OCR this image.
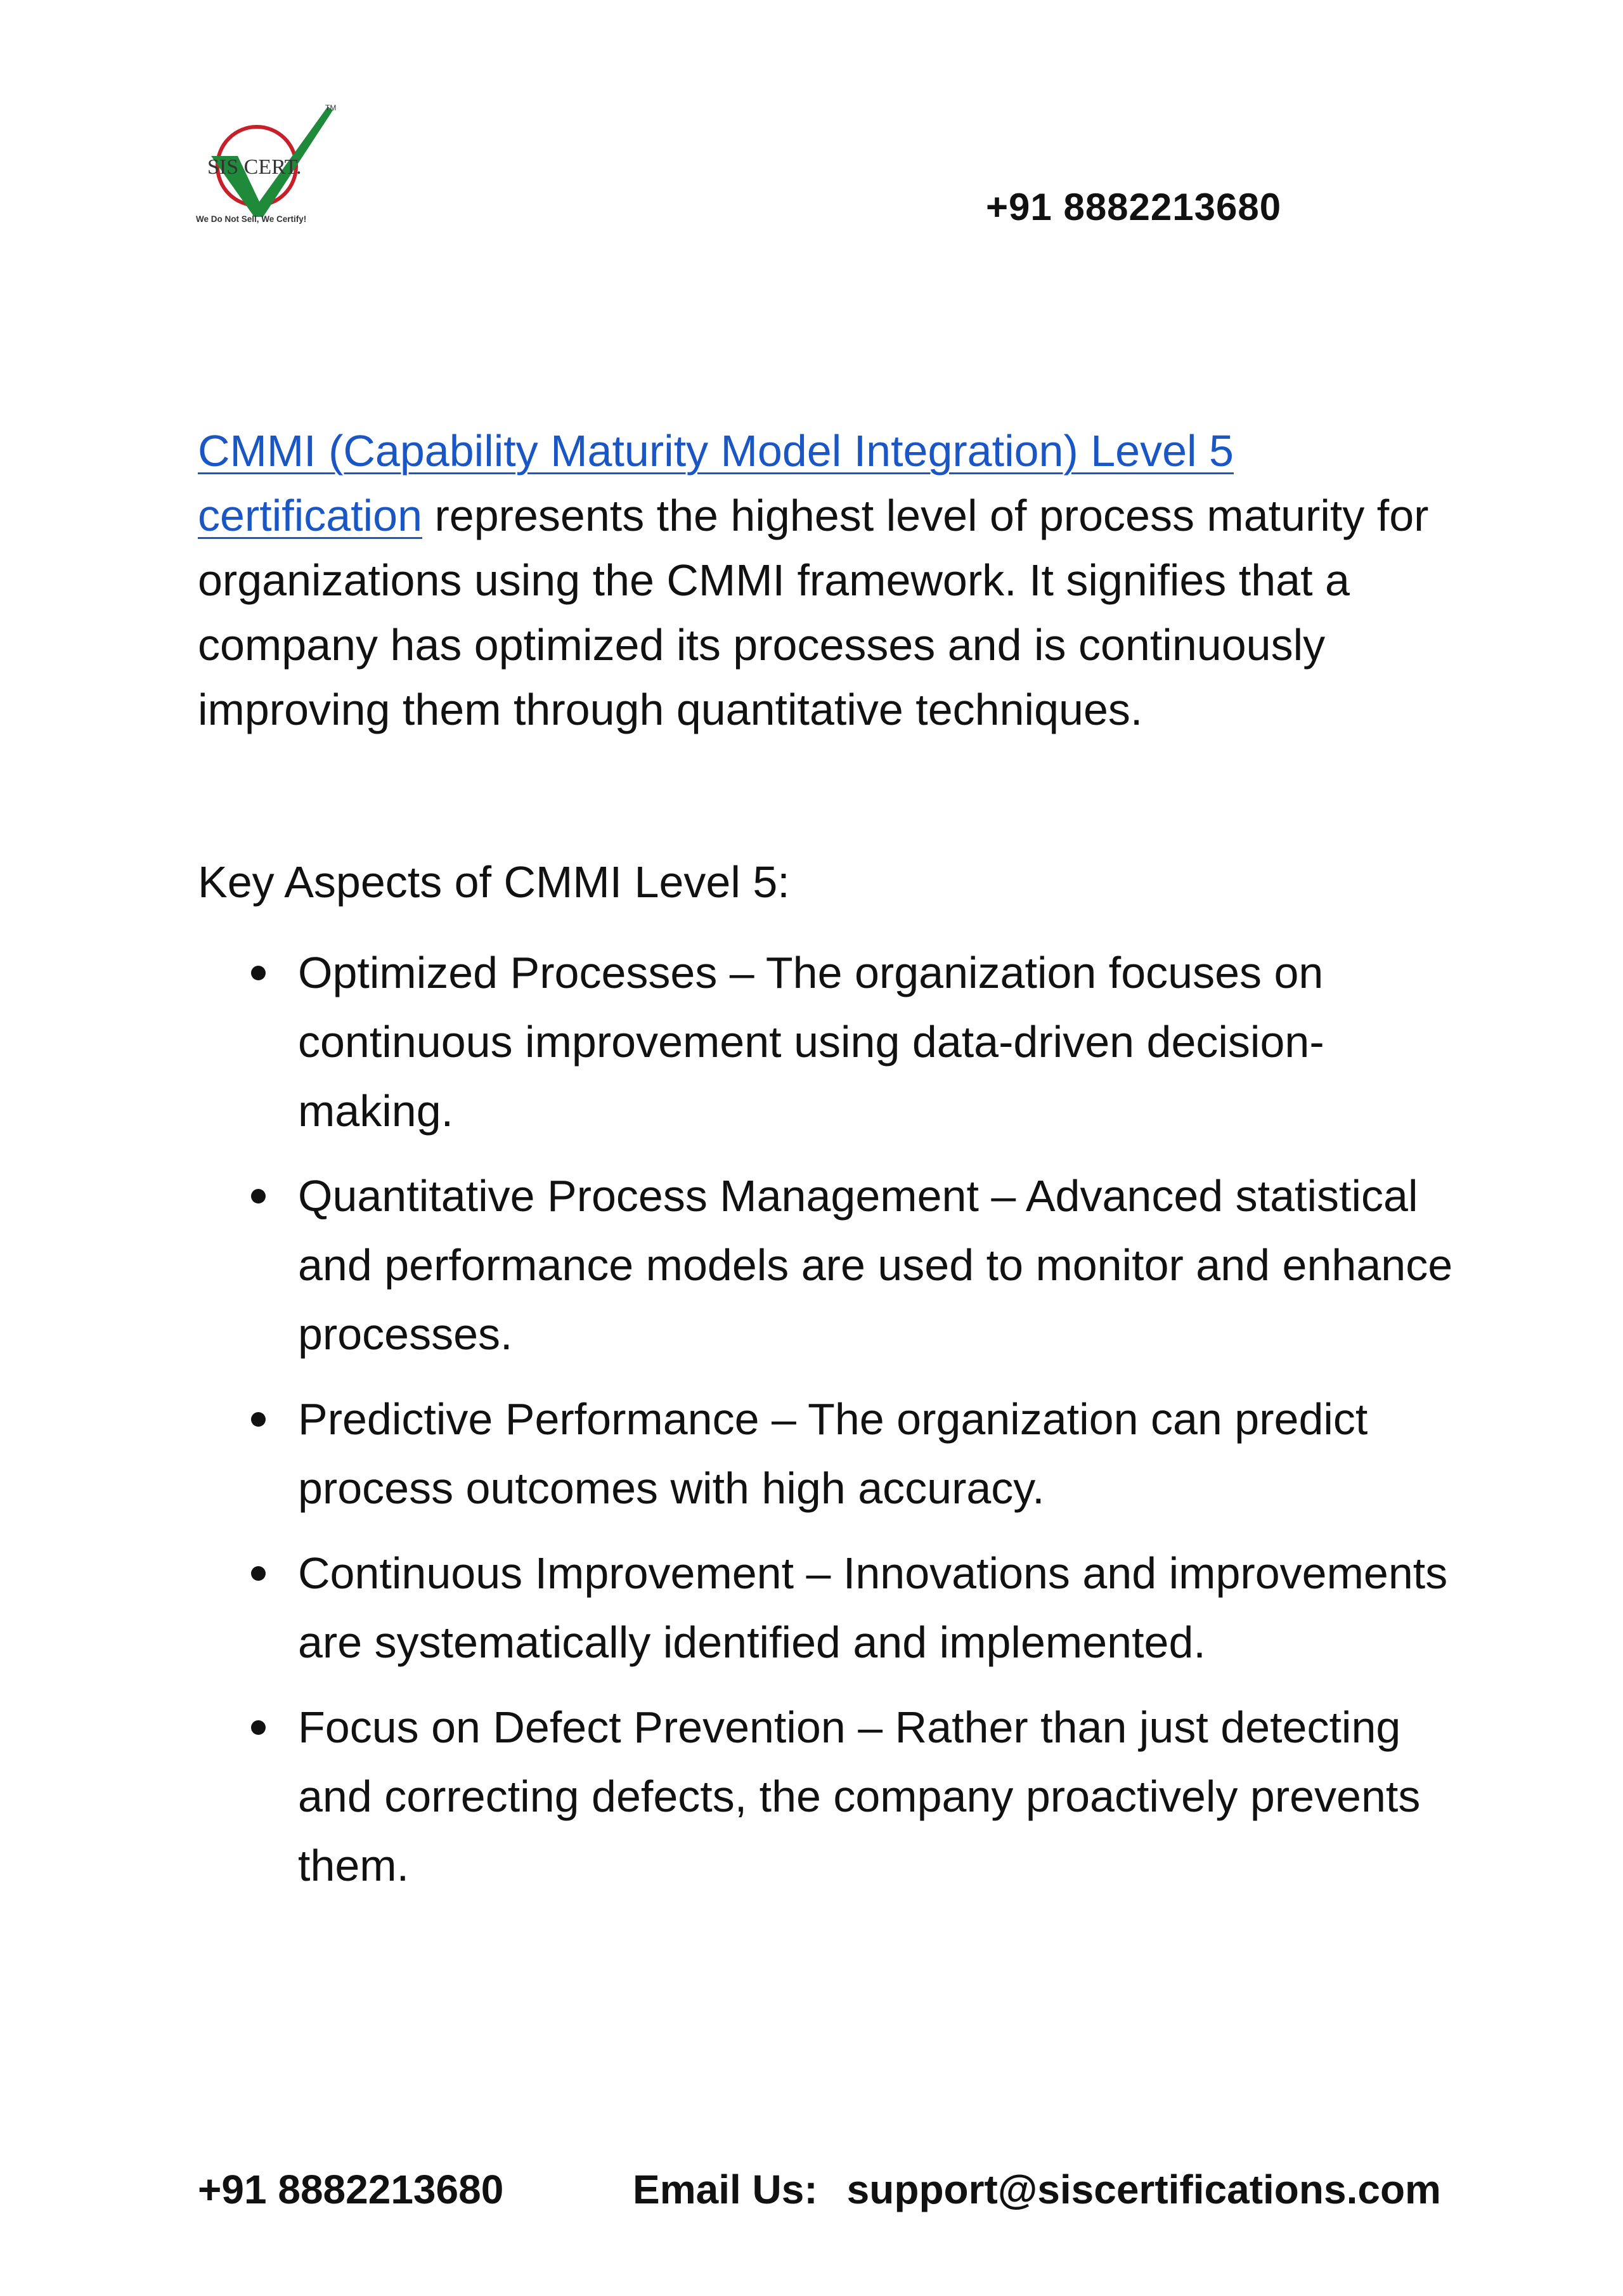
SIS CERT.
TM
We Do Not Sell, We Certify!	+91 8882213680

CMMI (Capability Maturity Model Integration) Level 5 certification represents the highest level of process maturity for organizations using the CMMI framework. It signifies that a company has optimized its processes and is continuously improving them through quantitative techniques.

Key Aspects of CMMI Level 5:

Optimized Processes – The organization focuses on continuous improvement using data-driven decision-making.
Quantitative Process Management – Advanced statistical and performance models are used to monitor and enhance processes.
Predictive Performance – The organization can predict process outcomes with high accuracy.
Continuous Improvement – Innovations and improvements are systematically identified and implemented.
Focus on Defect Prevention – Rather than just detecting and correcting defects, the company proactively prevents them.
+91 8882213680	Email Us: support@siscertifications.com
